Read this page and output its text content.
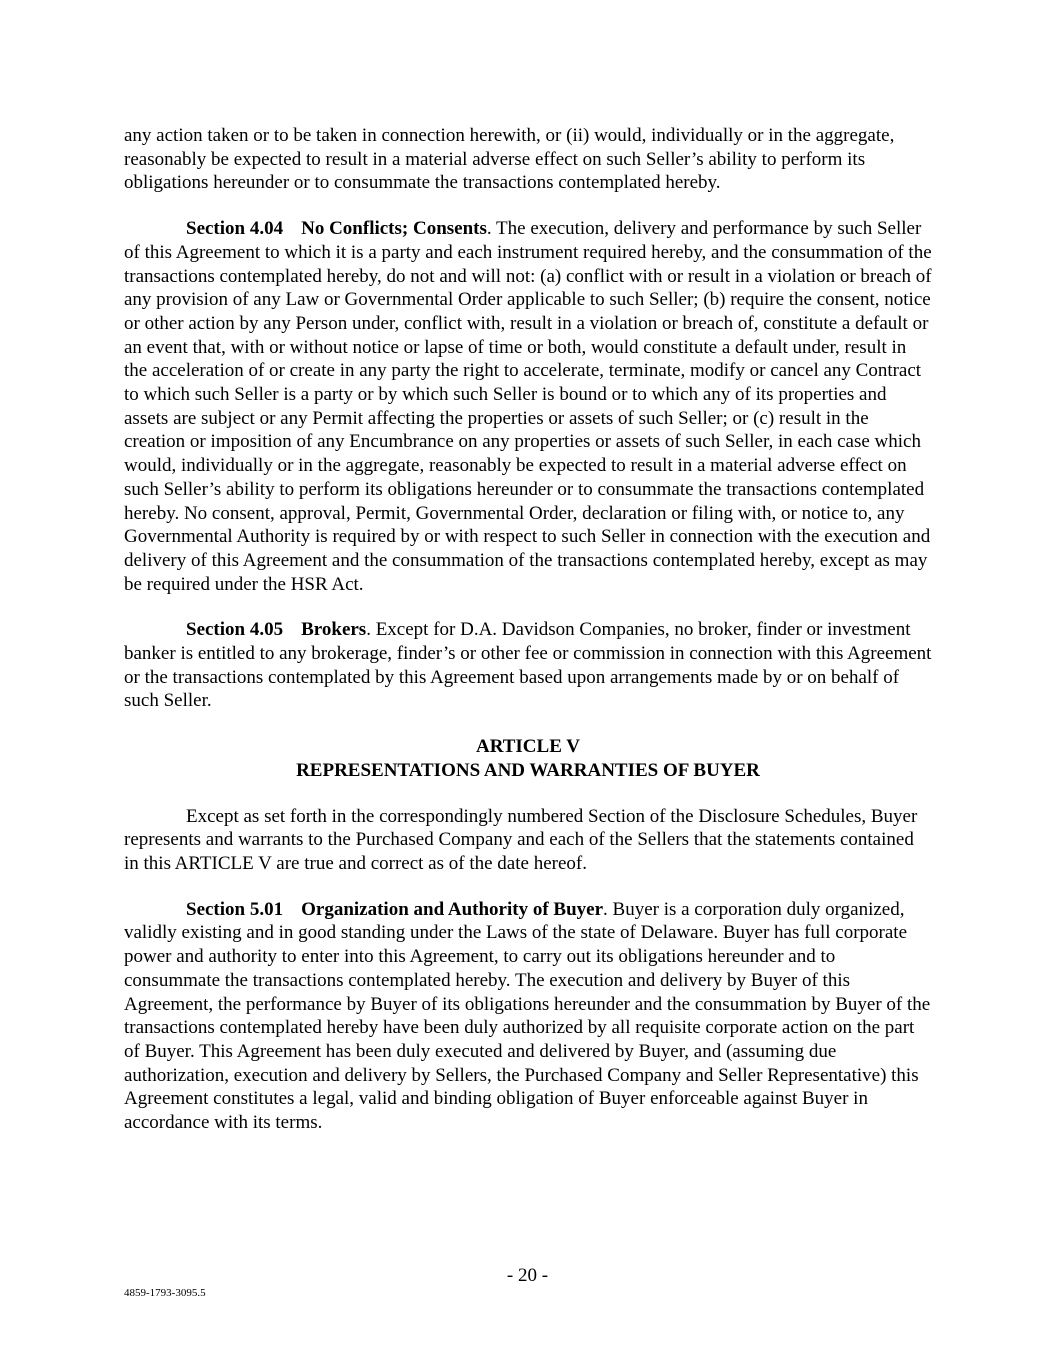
any action taken or to be taken in connection herewith, or (ii) would, individually or in the aggregate, reasonably be expected to result in a material adverse effect on such Seller’s ability to perform its obligations hereunder or to consummate the transactions contemplated hereby.

Section 4.04 No Conflicts; Consents. The execution, delivery and performance by such Seller of this Agreement to which it is a party and each instrument required hereby, and the consummation of the transactions contemplated hereby, do not and will not: (a) conflict with or result in a violation or breach of any provision of any Law or Governmental Order applicable to such Seller; (b) require the consent, notice or other action by any Person under, conflict with, result in a violation or breach of, constitute a default or an event that, with or without notice or lapse of time or both, would constitute a default under, result in the acceleration of or create in any party the right to accelerate, terminate, modify or cancel any Contract to which such Seller is a party or by which such Seller is bound or to which any of its properties and assets are subject or any Permit affecting the properties or assets of such Seller; or (c) result in the creation or imposition of any Encumbrance on any properties or assets of such Seller, in each case which would, individually or in the aggregate, reasonably be expected to result in a material adverse effect on such Seller’s ability to perform its obligations hereunder or to consummate the transactions contemplated hereby. No consent, approval, Permit, Governmental Order, declaration or filing with, or notice to, any Governmental Authority is required by or with respect to such Seller in connection with the execution and delivery of this Agreement and the consummation of the transactions contemplated hereby, except as may be required under the HSR Act.

Section 4.05 Brokers. Except for D.A. Davidson Companies, no broker, finder or investment banker is entitled to any brokerage, finder’s or other fee or commission in connection with this Agreement or the transactions contemplated by this Agreement based upon arrangements made by or on behalf of such Seller.

ARTICLE V
REPRESENTATIONS AND WARRANTIES OF BUYER

Except as set forth in the correspondingly numbered Section of the Disclosure Schedules, Buyer represents and warrants to the Purchased Company and each of the Sellers that the statements contained in this ARTICLE V are true and correct as of the date hereof.

Section 5.01 Organization and Authority of Buyer. Buyer is a corporation duly organized, validly existing and in good standing under the Laws of the state of Delaware. Buyer has full corporate power and authority to enter into this Agreement, to carry out its obligations hereunder and to consummate the transactions contemplated hereby. The execution and delivery by Buyer of this Agreement, the performance by Buyer of its obligations hereunder and the consummation by Buyer of the transactions contemplated hereby have been duly authorized by all requisite corporate action on the part of Buyer. This Agreement has been duly executed and delivered by Buyer, and (assuming due authorization, execution and delivery by Sellers, the Purchased Company and Seller Representative) this Agreement constitutes a legal, valid and binding obligation of Buyer enforceable against Buyer in accordance with its terms.

- 20 -
4859-1793-3095.5
